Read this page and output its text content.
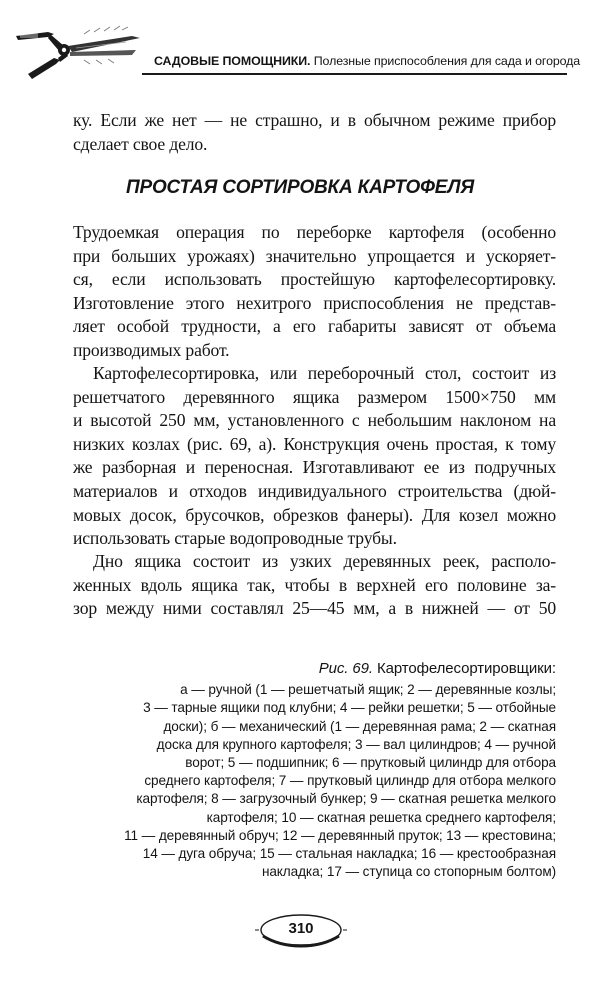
САДОВЫЕ ПОМОЩНИКИ. Полезные приспособления для сада и огорода

ку. Если же нет — не страшно, и в обычном режиме прибор
сделает свое дело.

ПРОСТАЯ СОРТИРОВКА КАРТОФЕЛЯ

Трудоемкая операция по переборке картофеля (особенно
при больших урожаях) значительно упрощается и ускоряет-
ся, если использовать простейшую картофелесортировку.
Изготовление этого нехитрого приспособления не представ-
ляет особой трудности, а его габариты зависят от объема
производимых работ.

Картофелесортировка, или переборочный стол, состоит из
решетчатого деревянного ящика размером 1500×750 мм
и высотой 250 мм, установленного с небольшим наклоном на
низких козлах (рис. 69, а). Конструкция очень простая, к тому
же разборная и переносная. Изготавливают ее из подручных
материалов и отходов индивидуального строительства (дюй-
мовых досок, брусочков, обрезков фанеры). Для козел можно
использовать старые водопроводные трубы.

Дно ящика состоит из узких деревянных реек, располо-
женных вдоль ящика так, чтобы в верхней его половине за-
зор между ними составлял 25—45 мм, а в нижней — от 50

Рис. 69. Картофелесортировщики:
а — ручной (1 — решетчатый ящик; 2 — деревянные козлы;
3 — тарные ящики под клубни; 4 — рейки решетки; 5 — отбойные
доски); б — механический (1 — деревянная рама; 2 — скатная
доска для крупного картофеля; 3 — вал цилиндров; 4 — ручной
ворот; 5 — подшипник; 6 — прутковый цилиндр для отбора
среднего картофеля; 7 — прутковый цилиндр для отбора мелкого
картофеля; 8 — загрузочный бункер; 9 — скатная решетка мелкого
картофеля; 10 — скатная решетка среднего картофеля;
11 — деревянный обруч; 12 — деревянный пруток; 13 — крестовина;
14 — дуга обруча; 15 — стальная накладка; 16 — крестообразная
накладка; 17 — ступица со стопорным болтом)
310
